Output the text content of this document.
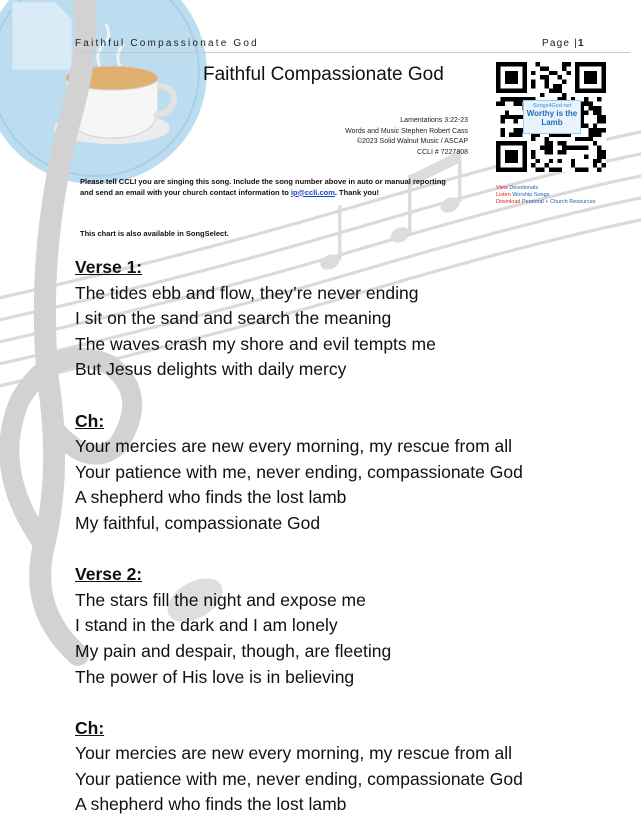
Faithful Compassionate God	Page |1
Faithful Compassionate God
Lamentations 3:22-23
Words and Music Stephen Robert Cass
©2023 Solid Walnut Music / ASCAP
CCLI # 7227808
Songs4God.net
Worthy is the Lamb
View Devotionals
Listen Worship Songs
Download Personal + Church Resources
Please tell CCLI you are singing this song. Include the song number above in auto or manual reporting and send an email with your church contact information to ip@ccli.com. Thank you!
This chart is also available in SongSelect.
Verse 1:
The tides ebb and flow, they’re never ending
I sit on the sand and search the meaning
The waves crash my shore and evil tempts me
But Jesus delights with daily mercy
Ch:
Your mercies are new every morning, my rescue from all
Your patience with me, never ending, compassionate God
A shepherd who finds the lost lamb
My faithful, compassionate God
Verse 2:
The stars fill the night and expose me
I stand in the dark and I am lonely
My pain and despair, though, are fleeting
The power of His love is in believing
Ch:
Your mercies are new every morning, my rescue from all
Your patience with me, never ending, compassionate God
A shepherd who finds the lost lamb
